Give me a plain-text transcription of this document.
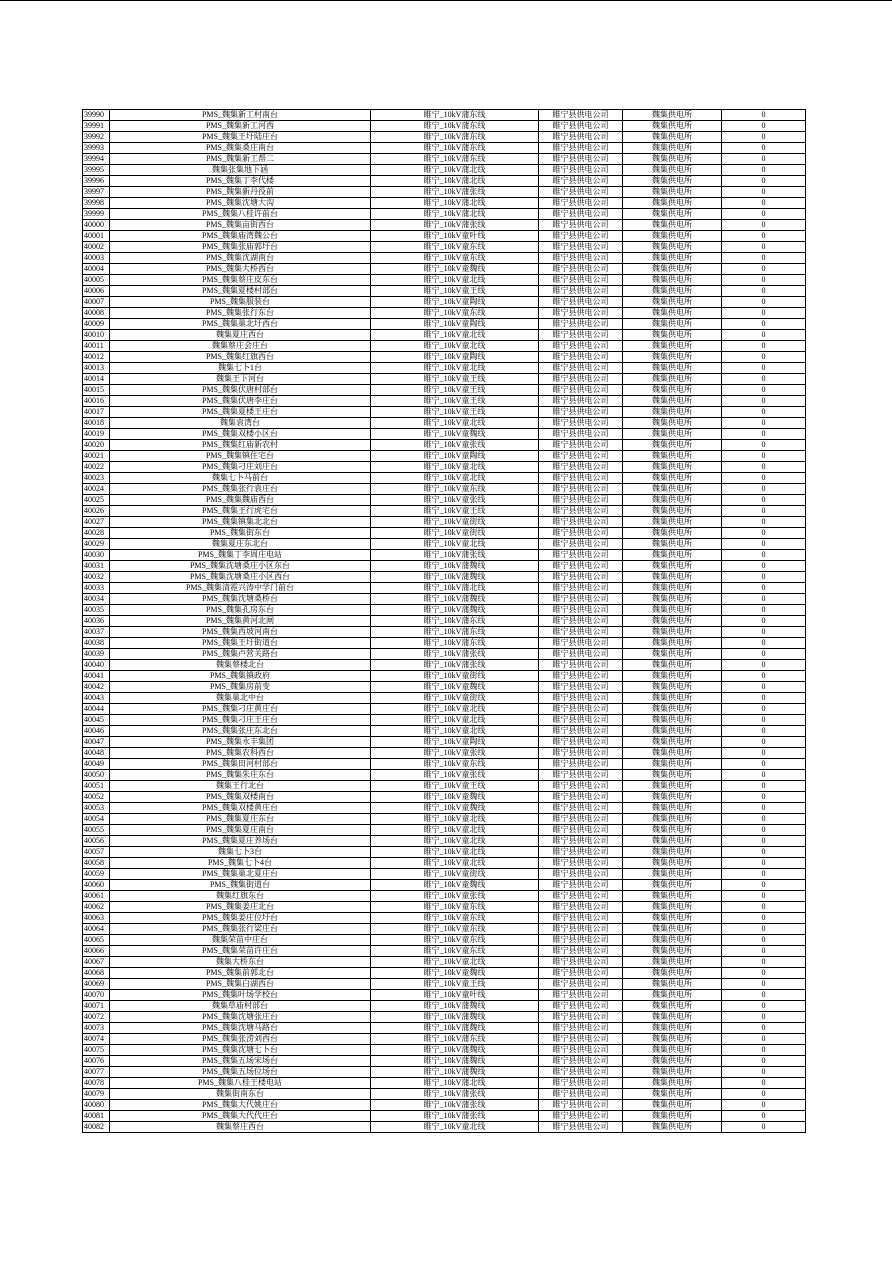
39990	PMS_魏集新工村南台	睢宁_10kV蒲东线	睢宁县供电公司	魏集供电所	0
39991	PMS_魏集新工河西	睢宁_10kV蒲东线	睢宁县供电公司	魏集供电所	0
39992	PMS_魏集王圩陆庄台	睢宁_10kV蒲东线	睢宁县供电公司	魏集供电所	0
39993	PMS_魏集桑庄南台	睢宁_10kV蒲东线	睢宁县供电公司	魏集供电所	0
39994	PMS_魏集新工帮二	睢宁_10kV蒲东线	睢宁县供电公司	魏集供电所	0
39995	魏集张集地下涵	睢宁_10kV蒲北线	睢宁县供电公司	魏集供电所	0
39996	PMS_魏集丁李代楼	睢宁_10kV蒲北线	睢宁县供电公司	魏集供电所	0
39997	PMS_魏集新丹役前	睢宁_10kV蒲张线	睢宁县供电公司	魏集供电所	0
39998	PMS_魏集沈塘大沟	睢宁_10kV蒲北线	睢宁县供电公司	魏集供电所	0
39999	PMS_魏集八桂许前台	睢宁_10kV蒲北线	睢宁县供电公司	魏集供电所	0
40000	PMS_魏集亩街西台	睢宁_10kV蒲张线	睢宁县供电公司	魏集供电所	0
40001	PMS_魏集庙湾魏公台	睢宁_10kV童叶线	睢宁县供电公司	魏集供电所	0
40002	PMS_魏集张庙郭圩台	睢宁_10kV童东线	睢宁县供电公司	魏集供电所	0
40003	PMS_魏集沈湖南台	睢宁_10kV童东线	睢宁县供电公司	魏集供电所	0
40004	PMS_魏集大桥西台	睢宁_10kV童魏线	睢宁县供电公司	魏集供电所	0
40005	PMS_魏集蔡庄皮东台	睢宁_10kV童北线	睢宁县供电公司	魏集供电所	0
40006	PMS_魏集夏楼村部台	睢宁_10kV童王线	睢宁县供电公司	魏集供电所	0
40007	PMS_魏集服装台	睢宁_10kV童陶线	睢宁县供电公司	魏集供电所	0
40008	PMS_魏集张行东台	睢宁_10kV童东线	睢宁县供电公司	魏集供电所	0
40009	PMS_魏集巢北圩西台	睢宁_10kV童陶线	睢宁县供电公司	魏集供电所	0
40010	魏集夏庄西台	睢宁_10kV童北线	睢宁县供电公司	魏集供电所	0
40011	魏集蔡庄会庄台	睢宁_10kV童北线	睢宁县供电公司	魏集供电所	0
40012	PMS_魏集红旗西台	睢宁_10kV童陶线	睢宁县供电公司	魏集供电所	0
40013	魏集七卜1台	睢宁_10kV童北线	睢宁县供电公司	魏集供电所	0
40014	魏集王下河台	睢宁_10kV童王线	睢宁县供电公司	魏集供电所	0
40015	PMS_魏集伏唐村部台	睢宁_10kV童王线	睢宁县供电公司	魏集供电所	0
40016	PMS_魏集伏唐李庄台	睢宁_10kV童王线	睢宁县供电公司	魏集供电所	0
40017	PMS_魏集夏楼王庄台	睢宁_10kV童王线	睢宁县供电公司	魏集供电所	0
40018	魏集袁湾台	睢宁_10kV童北线	睢宁县供电公司	魏集供电所	0
40019	PMS_魏集双楼小区台	睢宁_10kV童魏线	睢宁县供电公司	魏集供电所	0
40020	PMS_魏集红庙新农村	睢宁_10kV童张线	睢宁县供电公司	魏集供电所	0
40021	PMS_魏集镇住宅台	睢宁_10kV童陶线	睢宁县供电公司	魏集供电所	0
40022	PMS_魏集刁庄刘庄台	睢宁_10kV童北线	睢宁县供电公司	魏集供电所	0
40023	魏集七卜马前台	睢宁_10kV童北线	睢宁县供电公司	魏集供电所	0
40024	PMS_魏集张行袁庄台	睢宁_10kV童东线	睢宁县供电公司	魏集供电所	0
40025	PMS_魏集魏庙西台	睢宁_10kV童张线	睢宁县供电公司	魏集供电所	0
40026	PMS_魏集王行虎宅台	睢宁_10kV童王线	睢宁县供电公司	魏集供电所	0
40027	PMS_魏集镇集北北台	睢宁_10kV童街线	睢宁县供电公司	魏集供电所	0
40028	PMS_魏集街东台	睢宁_10kV童街线	睢宁县供电公司	魏集供电所	0
40029	魏集夏庄东北台	睢宁_10kV童北线	睢宁县供电公司	魏集供电所	0
40030	PMS_魏集丁李周庄电站	睢宁_10kV蒲张线	睢宁县供电公司	魏集供电所	0
40031	PMS_魏集沈塘桑庄小区东台	睢宁_10kV蒲魏线	睢宁县供电公司	魏集供电所	0
40032	PMS_魏集沈塘桑庄小区西台	睢宁_10kV蒲魏线	睢宁县供电公司	魏集供电所	0
40033	PMS_魏集清霓兴涛中学门前台	睢宁_10kV蒲北线	睢宁县供电公司	魏集供电所	0
40034	PMS_魏集沈塘桑桥台	睢宁_10kV蒲魏线	睢宁县供电公司	魏集供电所	0
40035	PMS_魏集孔房东台	睢宁_10kV蒲魏线	睢宁县供电公司	魏集供电所	0
40036	PMS_魏集黄河北闸	睢宁_10kV蒲东线	睢宁县供电公司	魏集供电所	0
40037	PMS_魏集西坡河南台	睢宁_10kV蒲东线	睢宁县供电公司	魏集供电所	0
40038	PMS_魏集王圩街道台	睢宁_10kV蒲东线	睢宁县供电公司	魏集供电所	0
40039	PMS_魏集卢营关路台	睢宁_10kV蒲张线	睢宁县供电公司	魏集供电所	0
40040	魏集蔡楼北台	睢宁_10kV蒲张线	睢宁县供电公司	魏集供电所	0
40041	PMS_魏集镇政府	睢宁_10kV童街线	睢宁县供电公司	魏集供电所	0
40042	PMS_魏集房前变	睢宁_10kV童魏线	睢宁县供电公司	魏集供电所	0
40043	魏集巢北中台	睢宁_10kV童街线	睢宁县供电公司	魏集供电所	0
40044	PMS_魏集刁庄黄庄台	睢宁_10kV童北线	睢宁县供电公司	魏集供电所	0
40045	PMS_魏集刁庄王庄台	睢宁_10kV童北线	睢宁县供电公司	魏集供电所	0
40046	PMS_魏集张庄东北台	睢宁_10kV童北线	睢宁县供电公司	魏集供电所	0
40047	PMS_魏集永丰集团	睢宁_10kV童陶线	睢宁县供电公司	魏集供电所	0
40048	PMS_魏集农科西台	睢宁_10kV童张线	睢宁县供电公司	魏集供电所	0
40049	PMS_魏集田河村部台	睢宁_10kV童东线	睢宁县供电公司	魏集供电所	0
40050	PMS_魏集朱庄东台	睢宁_10kV童张线	睢宁县供电公司	魏集供电所	0
40051	魏集王行北台	睢宁_10kV童王线	睢宁县供电公司	魏集供电所	0
40052	PMS_魏集双楼南台	睢宁_10kV童魏线	睢宁县供电公司	魏集供电所	0
40053	PMS_魏集双楼黄庄台	睢宁_10kV童魏线	睢宁县供电公司	魏集供电所	0
40054	PMS_魏集夏庄东台	睢宁_10kV童北线	睢宁县供电公司	魏集供电所	0
40055	PMS_魏集夏庄南台	睢宁_10kV童北线	睢宁县供电公司	魏集供电所	0
40056	PMS_魏集夏庄养场台	睢宁_10kV童北线	睢宁县供电公司	魏集供电所	0
40057	魏集七卜3台	睢宁_10kV童北线	睢宁县供电公司	魏集供电所	0
40058	PMS_魏集七卜4台	睢宁_10kV童北线	睢宁县供电公司	魏集供电所	0
40059	PMS_魏集巢北夏庄台	睢宁_10kV童街线	睢宁县供电公司	魏集供电所	0
40060	PMS_魏集街道台	睢宁_10kV童魏线	睢宁县供电公司	魏集供电所	0
40061	魏集红旗东台	睢宁_10kV童张线	睢宁县供电公司	魏集供电所	0
40062	PMS_魏集姜庄北台	睢宁_10kV童东线	睢宁县供电公司	魏集供电所	0
40063	PMS_魏集姜庄位圩台	睢宁_10kV童东线	睢宁县供电公司	魏集供电所	0
40064	PMS_魏集张行梁庄台	睢宁_10kV童东线	睢宁县供电公司	魏集供电所	0
40065	魏集荣苗中庄台	睢宁_10kV童东线	睢宁县供电公司	魏集供电所	0
40066	PMS_魏集荣苗许庄台	睢宁_10kV童东线	睢宁县供电公司	魏集供电所	0
40067	魏集大桥东台	睢宁_10kV童北线	睢宁县供电公司	魏集供电所	0
40068	PMS_魏集前郭北台	睢宁_10kV童魏线	睢宁县供电公司	魏集供电所	0
40069	PMS_魏集白湖西台	睢宁_10kV童王线	睢宁县供电公司	魏集供电所	0
40070	PMS_魏集叶场学校台	睢宁_10kV童叶线	睢宁县供电公司	魏集供电所	0
40071	魏集草庙村部台	睢宁_10kV蒲魏线	睢宁县供电公司	魏集供电所	0
40072	PMS_魏集沈塘张庄台	睢宁_10kV蒲魏线	睢宁县供电公司	魏集供电所	0
40073	PMS_魏集沈塘马路台	睢宁_10kV蒲魏线	睢宁县供电公司	魏集供电所	0
40074	PMS_魏集张涝刘西台	睢宁_10kV蒲东线	睢宁县供电公司	魏集供电所	0
40075	PMS_魏集沈塘七卜台	睢宁_10kV蒲魏线	睢宁县供电公司	魏集供电所	0
40076	PMS_魏集五场宋场台	睢宁_10kV蒲魏线	睢宁县供电公司	魏集供电所	0
40077	PMS_魏集五场位场台	睢宁_10kV蒲魏线	睢宁县供电公司	魏集供电所	0
40078	PMS_魏集八桂王楼电站	睢宁_10kV蒲北线	睢宁县供电公司	魏集供电所	0
40079	魏集街南东台	睢宁_10kV蒲张线	睢宁县供电公司	魏集供电所	0
40080	PMS_魏集大代姚庄台	睢宁_10kV蒲张线	睢宁县供电公司	魏集供电所	0
40081	PMS_魏集大代代庄台	睢宁_10kV蒲张线	睢宁县供电公司	魏集供电所	0
40082	魏集蔡庄西台	睢宁_10kV童北线	睢宁县供电公司	魏集供电所	0
